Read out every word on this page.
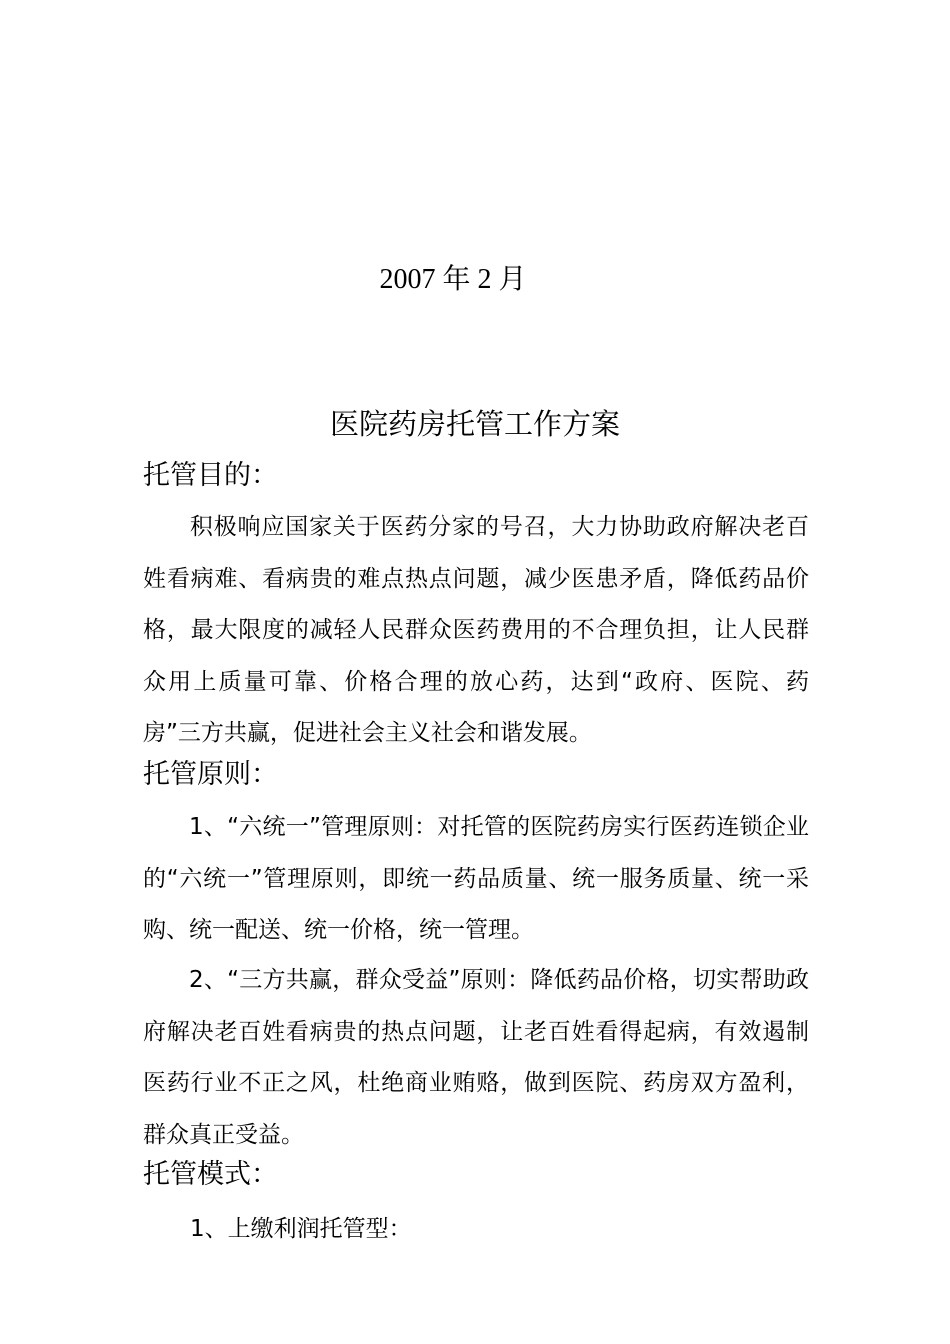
2007 年 2 月
医院药房托管工作方案
托管目的：
积极响应国家关于医药分家的号召，大力协助政府解决老百姓看病难、看病贵的难点热点问题，减少医患矛盾，降低药品价格，最大限度的减轻人民群众医药费用的不合理负担，让人民群众用上质量可靠、价格合理的放心药，达到“政府、医院、药房”三方共赢，促进社会主义社会和谐发展。
托管原则：
1、“六统一”管理原则：对托管的医院药房实行医药连锁企业的“六统一”管理原则，即统一药品质量、统一服务质量、统一采购、统一配送、统一价格，统一管理。
2、“三方共赢，群众受益”原则：降低药品价格，切实帮助政府解决老百姓看病贵的热点问题，让老百姓看得起病，有效遏制医药行业不正之风，杜绝商业贿赂，做到医院、药房双方盈利，群众真正受益。
托管模式：
1、上缴利润托管型：
